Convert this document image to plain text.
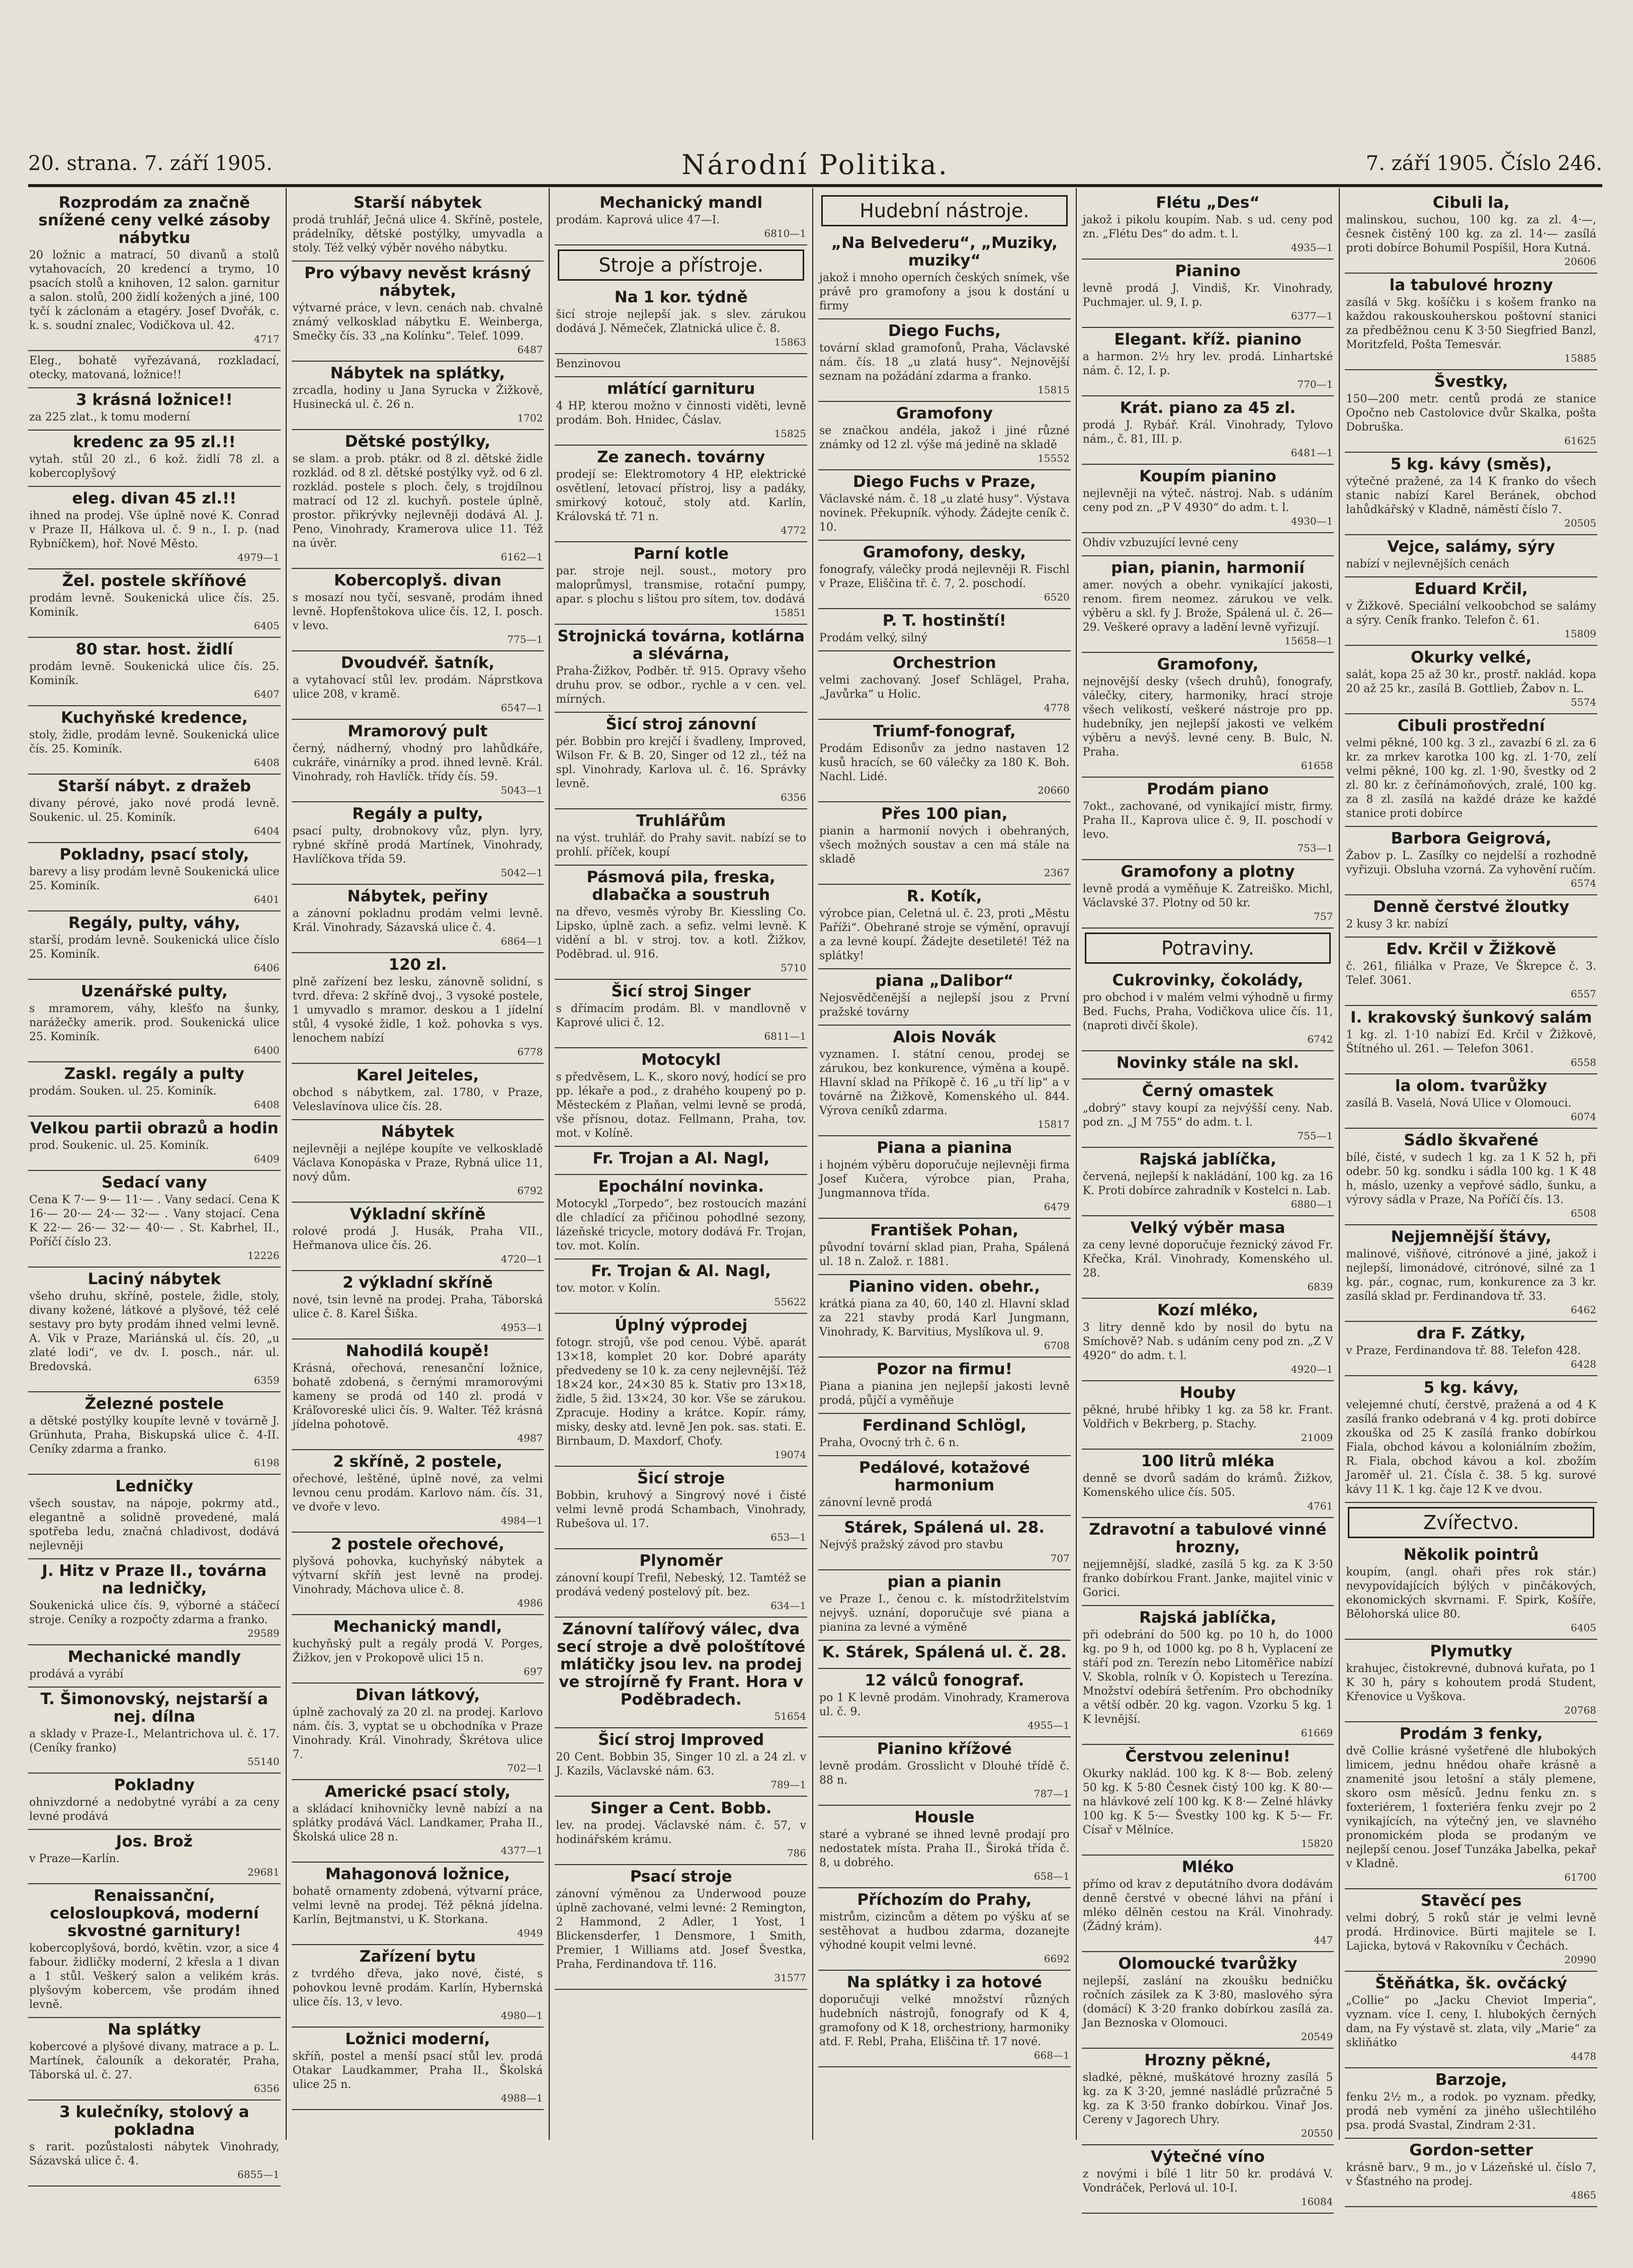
20. strana. 7. září 1905.	Národní Politika.	7. září 1905. Číslo 246.
Rozprodám za značně snížené ceny velké zásoby nábytku
20 ložnic a matrací, 50 divanů a stolů vytahovacích, 20 kredencí a trymo, 10 psacích stolů a knihoven, 12 salon. garnitur a salon. stolů, 200 židlí kožených a jiné, 100 tyčí k záclonám a etagéry. Josef Dvořák, c. k. s. soudní znalec, Vodičkova ul. 42.
4717
Eleg., bohatě vyřezávaná, rozkladací, otecky, matovaná, ložnice!!
3 krásná ložnice!!
za 225 zlat., k tomu moderní
kredenc za 95 zl.!!
vytah. stůl 20 zl., 6 kož. židlí 78 zl. a kobercoplyšový
eleg. divan 45 zl.!!
ihned na prodej. Vše úplně nové K. Conrad v Praze II, Hálkova ul. č. 9 n., I. p. (nad Rybníčkem), hoř. Nové Město.
4979—1
Žel. postele skříňové
prodám levně. Soukenická ulice čís. 25. Kominík.
6405
80 star. host. židlí
prodám levně. Soukenická ulice čís. 25. Kominík.
6407
Kuchyňské kredence,
stoly, židle, prodám levně. Soukenická ulice čís. 25. Kominík.
6408
Starší nábyt. z dražeb
divany pérové, jako nové prodá levně. Soukenic. ul. 25. Kominík.
6404
Pokladny, psací stoly,
barevy a lisy prodám levně Soukenická ulice 25. Kominík.
6401
Regály, pulty, váhy,
starší, prodám levně. Soukenická ulice číslo 25. Kominík.
6406
Uzenářské pulty,
s mramorem, váhy, klešťo na šunky, narážečky amerik. prod. Soukenická ulice 25. Kominík.
6400
Zaskl. regály a pulty
prodám. Souken. ul. 25. Kominík.
6408
Velkou partii obrazů a hodin
prod. Soukenic. ul. 25. Kominík.
6409
Sedací vany
Cena K 7·— 9·— 11·— . Vany sedací. Cena K 16·— 20·— 24·— 32·— . Vany stojací. Cena K 22·— 26·— 32·— 40·— . St. Kabrhel, II., Poříčí číslo 23.
12226
Laciný nábytek
všeho druhu, skříně, postele, židle, stoly, divany kožené, látkové a plyšové, též celé sestavy pro byty prodám ihned velmi levně. A. Vik v Praze, Mariánská ul. čís. 20, „u zlaté lodi“, ve dv. I. posch., nár. ul. Bredovská.
6359
Železné postele
a dětské postýlky koupíte levně v továrně J. Grünhuta, Praha, Biskupská ulice č. 4-II. Ceníky zdarma a franko.
6198
Ledničky
všech soustav, na nápoje, pokrmy atd., elegantně a solidně provedené, malá spotřeba ledu, značná chladivost, dodává nejlevněji
J. Hitz v Praze II., továrna na ledničky,
Soukenická ulice čís. 9, výborné a stáčecí stroje. Ceníky a rozpočty zdarma a franko.
29589
Mechanické mandly
prodává a vyrábí
T. Šimonovský, nejstarší a nej. dílna
a sklady v Praze-I., Melantrichova ul. č. 17. (Ceníky franko)
55140
Pokladny
ohnivzdorné a nedobytné vyrábí a za ceny levné prodává
Jos. Brož
v Praze—Karlín.
29681
Renaissanční, celosloupková, moderní skvostné garnitury!
kobercoplyšová, bordó, květin. vzor, a sice 4 fabour. židličky moderní, 2 křesla a 1 divan a 1 stůl. Veškerý salon a velikém krás. plyšovým kobercem, vše prodám ihned levně.
Na splátky
kobercové a plyšové divany, matrace a p. L. Martínek, čalouník a dekoratér, Praha, Táborská ul. č. 27.
6356
3 kulečníky, stolový a pokladna
s rarit. pozůstalosti nábytek Vinohrady, Sázavská ulice č. 4.
6855—1
Starší nábytek
prodá truhlář, Ječná ulice 4. Skříně, postele, prádelníky, dětské postýlky, umyvadla a stoly. Též velký výběr nového nábytku.
Pro výbavy nevěst krásný nábytek,
výtvarné práce, v levn. cenách nab. chvalně známý velkosklad nábytku E. Weinberga, Smečky čís. 33 „na Kolínku“. Telef. 1099.
6487
Nábytek na splátky,
zrcadla, hodiny u Jana Syrucka v Žižkově, Husinecká ul. č. 26 n.
1702
Dětské postýlky,
se slam. a prob. ptákr. od 8 zl. dětské židle rozklád. od 8 zl. dětské postýlky vyž. od 6 zl. rozklád. postele s ploch. čely, s trojdílnou matrací od 12 zl. kuchyň. postele úplně, prostor. přikrývky nejlevněji dodává Al. J. Peno, Vinohrady, Kramerova ulice 11. Též na úvěr.
6162—1
Kobercoplyš. divan
s mosazí nou tyčí, sesvaně, prodám ihned levně. Hopfenštokova ulice čís. 12, I. posch. v levo.
775—1
Dvoudvéř. šatník,
a vytahovací stůl lev. prodám. Náprstkova ulice 208, v kramě.
6547—1
Mramorový pult
černý, nádherný, vhodný pro lahůdkáře, cukráře, vinárníky a prod. ihned levně. Král. Vinohrady, roh Havlíčk. třídy čís. 59.
5043—1
Regály a pulty,
psací pulty, drobnokovy vůz, plyn. lyry, rybné skříně prodá Martínek, Vinohrady, Havlíčkova třída 59.
5042—1
Nábytek, peřiny
a zánovní pokladnu prodám velmi levně. Král. Vinohrady, Sázavská ulice č. 4.
6864—1
120 zl.
plně zařízení bez lesku, zánovně solidní, s tvrd. dřeva: 2 skříně dvoj., 3 vysoké postele, 1 umyvadlo s mramor. deskou a 1 jídelní stůl, 4 vysoké židle, 1 kož. pohovka s vys. lenochem nabízí
6778
Karel Jeiteles,
obchod s nábytkem, zal. 1780, v Praze, Veleslavínova ulice čís. 28.
Nábytek
nejlevněji a nejlépe koupíte ve velkoskladě Václava Konopáska v Praze, Rybná ulice 11, nový dům.
6792
Výkladní skříně
rolové prodá J. Husák, Praha VII., Heřmanova ulice čís. 26.
4720—1
2 výkladní skříně
nové, tsin levně na prodej. Praha, Táborská ulice č. 8. Karel Šiška.
4953—1
Nahodilá koupě!
Krásná, ořechová, renesanční ložnice, bohatě zdobená, s černými mramorovými kameny se prodá od 140 zl. prodá v Kráľovoreské ulici čís. 9. Walter. Též krásná jídelna pohotově.
4987
2 skříně, 2 postele,
ořechové, leštěné, úplně nové, za velmi levnou cenu prodám. Karlovo nám. čís. 31, ve dvoře v levo.
4984—1
2 postele ořechové,
plyšová pohovka, kuchyňský nábytek a výtvarní skříň jest levně na prodej. Vinohrady, Máchova ulice č. 8.
4986
Mechanický mandl,
kuchyňský pult a regály prodá V. Porges, Žižkov, jen v Prokopově ulici 15 n.
697
Divan látkový,
úplně zachovalý za 20 zl. na prodej. Karlovo nám. čís. 3, vyptat se u obchodníka v Praze Vinohrady. Král. Vinohrady, Škrétova ulice 7.
702—1
Americké psací stoly,
a skládací knihovničky levně nabízí a na splátky prodává Václ. Landkamer, Praha II., Školská ulice 28 n.
4377—1
Mahagonová ložnice,
bohatě ornamenty zdobená, výtvarní práce, velmi levně na prodej. Též pěkná jídelna. Karlín, Bejtmanstvi, u K. Storkana.
4949
Zařízení bytu
z tvrdého dřeva, jako nové, čisté, s pohovkou levně prodám. Karlín, Hybernská ulice čís. 13, v levo.
4980—1
Ložnici moderní,
skříň, postel a menší psací stůl lev. prodá Otakar Laudkammer, Praha II., Školská ulice 25 n.
4988—1
Mechanický mandl
prodám. Kaprová ulice 47—I.
6810—1
Stroje a přístroje.
Na 1 kor. týdně
šicí stroje nejlepší jak. s slev. zárukou dodává J. Němeček, Zlatnická ulice č. 8.
15863
Benzinovou
mlátící garnituru
4 HP, kterou možno v činnosti viděti, levně prodám. Boh. Hnidec, Čáslav.
15825
Ze zanech. továrny
prodejí se: Elektromotory 4 HP, elektrické osvětlení, letovací přístroj, lisy a padáky, smirkový kotouč, stoly atd. Karlín, Královská tř. 71 n.
4772
Parní kotle
par. stroje nejl. soust., motory pro maloprůmysl, transmise, rotační pumpy, apar. s plochu s lištou pro sítem, tov. dodává
15851
Strojnická továrna, kotlárna a slévárna,
Praha-Žižkov, Podběr. tř. 915. Opravy všeho druhu prov. se odbor., rychle a v cen. vel. mírných.
Šicí stroj zánovní
pér. Bobbin pro krejčí i švadleny, Improved, Wilson Fr. & B. 20, Singer od 12 zl., též na spl. Vinohrady, Karlova ul. č. 16. Správky levně.
6356
Truhlářům
na výst. truhlář. do Prahy savit. nabízí se to prohlí. příček, koupí
Pásmová pila, freska, dlabačka a soustruh
na dřevo, vesměs výroby Br. Kiessling Co. Lipsko, úplně zach. a sefiz. velmi levně. K vidění a bl. v stroj. tov. a kotl. Žižkov, Poděbrad. ul. 916.
5710
Šicí stroj Singer
s dřímacím prodám. Bl. v mandlovně v Kaprové ulici č. 12.
6811—1
Motocykl
s předvěsem, L. K., skoro nový, hodící se pro pp. lékaře a pod., z drahého koupený po p. Městeckém z Plaňan, velmi levně se prodá, vše přísnou, dotaz. Fellmann, Praha, tov. mot. v Kolíně.
Fr. Trojan a Al. Nagl,
Epochální novinka.
Motocykl „Torpedo“, bez rostoucích mazání dle chladící za přičinou pohodlné sezony, lázeňské tricycle, motory dodává Fr. Trojan, tov. mot. Kolín.
Fr. Trojan & Al. Nagl,
tov. motor. v Kolín.
55622
Úplný výprodej
fotogr. strojů, vše pod cenou. Výbě. aparát 13×18, komplet 20 kor. Dobré aparáty předvedeny se 10 k. za ceny nejlevnější. Též 18×24 kor., 24×30 85 k. Stativ pro 13×18, židle, 5 žid. 13×24, 30 kor. Vše se zárukou. Zpracuje. Hodiny a krátce. Kopír. rámy, misky, desky atd. levně Jen pok. sas. stati. E. Birnbaum, D. Maxdorf, Choťy.
19074
Šicí stroje
Bobbin, kruhový a Singrový nové i čisté velmi levně prodá Schambach, Vinohrady, Rubešova ul. 17.
653—1
Plynoměr
zánovní koupí Trefil, Nebeský, 12. Tamtéž se prodává vedený postelový pít. bez.
634—1
Zánovní talířový válec, dva secí stroje a dvě pološtítové mlátičky jsou lev. na prodej ve strojírně fy Frant. Hora v Poděbradech.
51654
Šicí stroj Improved
20 Cent. Bobbin 35, Singer 10 zl. a 24 zl. v J. Kazils, Václavské nám. 63.
789—1
Singer a Cent. Bobb.
lev. na prodej. Václavské nám. č. 57, v hodinářském krámu.
786
Psací stroje
zánovní výměnou za Underwood pouze úplně zachované, velmi levné: 2 Remington, 2 Hammond, 2 Adler, 1 Yost, 1 Blickensderfer, 1 Densmore, 1 Smith, Premier, 1 Williams atd. Josef Švestka, Praha, Ferdinandova tř. 116.
31577
Hudební nástroje.
„Na Belvederu“, „Muziky, muziky“
jakož i mnoho operních českých snímek, vše právě pro gramofony a jsou k dostání u firmy
Diego Fuchs,
tovární sklad gramofonů, Praha, Václavské nám. čís. 18 „u zlatá husy“. Nejnovější seznam na požádání zdarma a franko.
15815
Gramofony
se značkou andéla, jakož i jiné různé známky od 12 zl. výše má jedině na skladě
15552
Diego Fuchs v Praze,
Václavské nám. č. 18 „u zlaté husy“. Výstava novinek. Překupník. výhody. Žádejte ceník č. 10.
Gramofony, desky,
fonografy, válečky prodá nejlevněji R. Fischl v Praze, Eliščina tř. č. 7, 2. poschodí.
6520
P. T. hostinští!
Prodám velký, silný
Orchestrion
velmi zachovaný. Josef Schlägel, Praha, „Javůrka“ u Holic.
4778
Triumf-fonograf,
Prodám Edisonův za jedno nastaven 12 kusů hracích, se 60 válečky za 180 K. Boh. Nachl. Lidé.
20660
Přes 100 pian,
pianin a harmonií nových i obehraných, všech možných soustav a cen má stále na skladě
2367
R. Kotík,
výrobce pian, Celetná ul. č. 23, proti „Městu Paříži“. Obehrané stroje se výmění, opravují a za levné koupí. Žádejte desetileté! Též na splátky!
piana „Dalibor“
Nejosvědčenější a nejlepší jsou z První pražské továrny
Alois Novák
vyznamen. I. státní cenou, prodej se zárukou, bez konkurence, výměna a koupě. Hlavní sklad na Příkopě č. 16 „u tří lip“ a v továrně na Žižkově, Komenského ul. 844. Výrova ceníků zdarma.
15817
Piana a pianina
i hojném výběru doporučuje nejlevněji firma Josef Kučera, výrobce pian, Praha, Jungmannova třída.
6479
František Pohan,
původní tovární sklad pian, Praha, Spálená ul. 18 n. Založ. r. 1881.
Pianino viden. obehr.,
krátká piana za 40, 60, 140 zl. Hlavní sklad za 221 stavby prodá Karl Jungmann, Vinohrady, K. Barvitius, Myslíkova ul. 9.
6708
Pozor na firmu!
Piana a pianina jen nejlepší jakosti levně prodá, půjčí a vyměňuje
Ferdinand Schlögl,
Praha, Ovocný trh č. 6 n.
Pedálové, kotažové harmonium
zánovní levně prodá
Stárek, Spálená ul. 28.
Nejvýš pražský závod pro stavbu
707
pian a pianin
ve Praze I., čenou c. k. místodržitelstvím nejvyš. uznání, doporučuje své piana a pianina za levné a výměně
K. Stárek, Spálená ul. č. 28.
12 válců fonograf.
po 1 K levně prodám. Vinohrady, Kramerova ul. č. 9.
4955—1
Pianino křížové
levně prodám. Grosslicht v Dlouhé třídě č. 88 n.
787—1
Housle
staré a vybrané se ihned levně prodají pro nedostatek místa. Praha II., Široká třída č. 8, u dobrého.
658—1
Příchozím do Prahy,
mistrům, cizincům a dětem po výšku ať se sestěhovat a hudbou zdarma, dozanejte výhodné koupit velmi levné.
6692
Na splátky i za hotové
doporučuji velké množství různých hudebních nástrojů, fonografy od K 4, gramofony od K 18, orchestriony, harmoniky atd. F. Rebl, Praha, Eliščina tř. 17 nové.
668—1
Flétu „Des“
jakož i pikolu koupím. Nab. s ud. ceny pod zn. „Flétu Des“ do adm. t. l.
4935—1
Pianino
levně prodá J. Vindiš, Kr. Vinohrady, Puchmajer. ul. 9, I. p.
6377—1
Elegant. kříž. pianino
a harmon. 2½ hry lev. prodá. Linhartské nám. č. 12, I. p.
770—1
Krát. piano za 45 zl.
prodá J. Rybář. Král. Vinohrady, Tylovo nám., č. 81, III. p.
6481—1
Koupím pianino
nejlevněji na výteč. nástroj. Nab. s udáním ceny pod zn. „P V 4930“ do adm. t. l.
4930—1
Ohdiv vzbuzující levné ceny
pian, pianin, harmonií
amer. nových a obehr. vynikající jakosti, renom. firem neomez. zárukou ve velk. výběru a skl. fy J. Brože, Spálená ul. č. 26—29. Veškeré opravy a ladění levně vyřizují.
15658—1
Gramofony,
nejnovější desky (všech druhů), fonografy, válečky, citery, harmoniky, hrací stroje všech velikostí, veškeré nástroje pro pp. hudebníky, jen nejlepší jakosti ve velkém výběru a nevýš. levné ceny. B. Bulc, N. Praha.
61658
Prodám piano
7okt., zachované, od vynikající mistr, firmy. Praha II., Kaprova ulice č. 9, II. poschodí v levo.
753—1
Gramofony a plotny
levně prodá a vyměňuje K. Zatreiško. Michl, Václavské 37. Plotny od 50 kr.
757
Potraviny.
Cukrovinky, čokolády,
pro obchod i v malém velmi výhodně u firmy Bed. Fuchs, Praha, Vodičkova ulice čís. 11, (naproti divčí škole).
6742
Novinky stále na skl.
Černý omastek
„dobrý“ stavy koupí za nejvýšší ceny. Nab. pod zn. „J M 755“ do adm. t. l.
755—1
Rajská jablíčka,
červená, nejlepší k nakládání, 100 kg. za 16 K. Proti dobírce zahradník v Kostelci n. Lab.
6880—1
Velký výběr masa
za ceny levné doporučuje řeznický závod Fr. Křečka, Král. Vinohrady, Komenského ul. 28.
6839
Kozí mléko,
3 litry denně kdo by nosil do bytu na Smíchově? Nab. s udáním ceny pod zn. „Z V 4920“ do adm. t. l.
4920—1
Houby
pěkné, hrubé hřibky 1 kg. za 58 kr. Frant. Voldřich v Bekrberg, p. Stachy.
21009
100 litrů mléka
denně se dvorů sadám do krámů. Žižkov, Komenského ulice čís. 505.
4761
Zdravotní a tabulové vinné hrozny,
nejjemnější, sladké, zasílá 5 kg. za K 3·50 franko dobírkou Frant. Janke, majitel vinic v Gorici.
Rajská jablíčka,
při odebrání do 500 kg. po 10 h, do 1000 kg. po 9 h, od 1000 kg. po 8 h, Vyplacení ze stáří pod zn. Terezín nebo Litoměřice nabízí V. Skobla, rolník v Ó. Kopistech u Terezína. Množství odebírá šetřením. Pro obchodníky a větší odběr. 20 kg. vagon. Vzorku 5 kg. 1 K levnější.
61669
Čerstvou zeleninu!
Okurky naklád. 100 kg. K 8·— Bob. zelený 50 kg. K 5·80 Česnek čistý 100 kg. K 80·— na hlávkové zelí 100 kg. K 8·— Zelné hlávky 100 kg. K 5·— Švestky 100 kg. K 5·— Fr. Císař v Mělníce.
15820
Mléko
přímo od krav z deputátního dvora dodávám denně čerstvé v obecné láhvi na přání i mléko dělněn cestou na Král. Vinohrady. (Žádný krám).
447
Olomoucké tvarůžky
nejlepší, zaslání na zkoušku bedničku ročních zásilek za K 3·80, maslového sýra (domácí) K 3·20 franko dobírkou zasílá za. Jan Beznoska v Olomouci.
20549
Hrozny pěkné,
sladké, pěkné, muškátové hrozny zasílá 5 kg. za K 3·20, jemné nasládlé průzračné 5 kg. za K 3·50 franko dobírkou. Vinař Jos. Cereny v Jagorech Uhry.
20550
Výtečné víno
z novými i bílé 1 litr 50 kr. prodává V. Vondráček, Perlová ul. 10-I.
16084
Cibuli la,
malinskou, suchou, 100 kg. za zl. 4·—, česnek čistěný 100 kg. za zl. 14·— zasílá proti dobírce Bohumil Pospíšil, Hora Kutná.
20606
la tabulové hrozny
zasílá v 5kg. košíčku i s košem franko na každou rakouskouherskou poštovní stanici za předběžnou cenu K 3·50 Siegfried Banzl, Moritzfeld, Pošta Temesvár.
15885
Švestky,
150—200 metr. centů prodá ze stanice Opočno neb Castolovice dvůr Skalka, pošta Dobruška.
61625
5 kg. kávy (směs),
výtečné pražené, za 14 K franko do všech stanic nabízí Karel Beránek, obchod lahůdkářský v Kladně, náměstí číslo 7.
20505
Vejce, salámy, sýry
nabízí v nejlevnějších cenách
Eduard Krčil,
v Žižkově. Speciální velkoobchod se salámy a sýry. Ceník franko. Telefon č. 61.
15809
Okurky velké,
salát, kopa 25 až 30 kr., prostř. naklád. kopa 20 až 25 kr., zasílá B. Gottlieb, Žabov n. L.
5574
Cibuli prostřední
velmi pěkné, 100 kg. 3 zl., zavazbí 6 zl. za 6 kr. za mrkev karotka 100 kg. zl. 1·70, zelí velmi pěkné, 100 kg. zl. 1·90, švestky od 2 zl. 80 kr. z čeřínámoňových, zralé, 100 kg. za 8 zl. zasílá na každé dráze ke každé stanice proti dobírce
Barbora Geigrová,
Žabov p. L. Zasílky co nejdelší a rozhodně vyřizuji. Obsluha vzorná. Za vyhovění ručím.
6574
Denně čerstvé žloutky
2 kusy 3 kr. nabízí
Edv. Krčil v Žižkově
č. 261, filiálka v Praze, Ve Škrepce č. 3. Telef. 3061.
6557
I. krakovský šunkový salám
1 kg. zl. 1·10 nabízí Ed. Krčil v Žižkově, Štítného ul. 261. — Telefon 3061.
6558
la olom. tvarůžky
zasílá B. Vaselá, Nová Ulice v Olomouci.
6074
Sádlo škvařené
bílé, čisté, v sudech 1 kg. za 1 K 52 h, při odebr. 50 kg. sondku i sádla 100 kg. 1 K 48 h, máslo, uzenky a vepřové sádlo, šunku, a výrovy sádla v Praze, Na Poříčí čís. 13.
6508
Nejjemnější štávy,
malinové, višňové, citrónové a jiné, jakož i nejlepší, limonádové, citrónové, silné za 1 kg. pár., cognac, rum, konkurence za 3 kr. zasílá sklad pr. Ferdinandova tř. 33.
6462
dra F. Zátky,
v Praze, Ferdinandova tř. 88. Telefon 428.
6428
5 kg. kávy,
velejemné chutí, čerstvě, pražená a od 4 K zasílá franko odebraná v 4 kg. proti dobírce zkouška od 25 K zasílá franko dobírkou Fiala, obchod kávou a koloniálním zbožím, R. Fiala, obchod kávou a kol. zbožím Jaroměř ul. 21. Čísla č. 38. 5 kg. surové kávy 11 K. 1 kg. čaje 12 K ve dvou.
Zvířectvo.
Několik pointrů
koupím, (angl. ohaři přes rok stár.) nevypovídajících býlých v pinčákových, ekonomických skvrnami. F. Spirk, Košíře, Bělohorská ulice 80.
6405
Plymutky
krahujec, čistokrevné, dubnová kuřata, po 1 K 30 h, páry s kohoutem prodá Student, Křenovice u Vyškova.
20768
Prodám 3 fenky,
dvě Collie krásné vyšetřené dle hlubokých limicem, jednu hnědou ohaře krásně a znamenité jsou letošní a stály plemene, skoro osm měsíců. Jednu fenku zn. s foxteriérem, 1 foxteriéra fenku zvejr po 2 vynikajících, na výtečný jen, ve slavného pronomickém ploda se prodaným ve nejlepší cenou. Josef Tunzáka Jabelka, pekař v Kladně.
61700
Stavěcí pes
velmi dobrý, 5 roků stár je velmi levně prodá. Hrdinovice. Bürti majitele se I. Lajicka, bytová v Rakovníku v Čechách.
20990
Štěňátka, šk. ovčácký
„Collie“ po „Jacku Cheviot Imperia“, vyznam. více I. ceny, I. hlubokých černých dam, na Fy výstavě st. zlata, vily „Marie“ za skliňátko
4478
Barzoje,
fenku 2½ m., a rodok. po vyznam. předky, prodá neb vymění za jiného ušlechtilého psa. prodá Svastal, Zindram 2·31.
Gordon-setter
krásně barv., 9 m., jo v Lázeňské ul. číslo 7, v Šťastného na prodej.
4865
